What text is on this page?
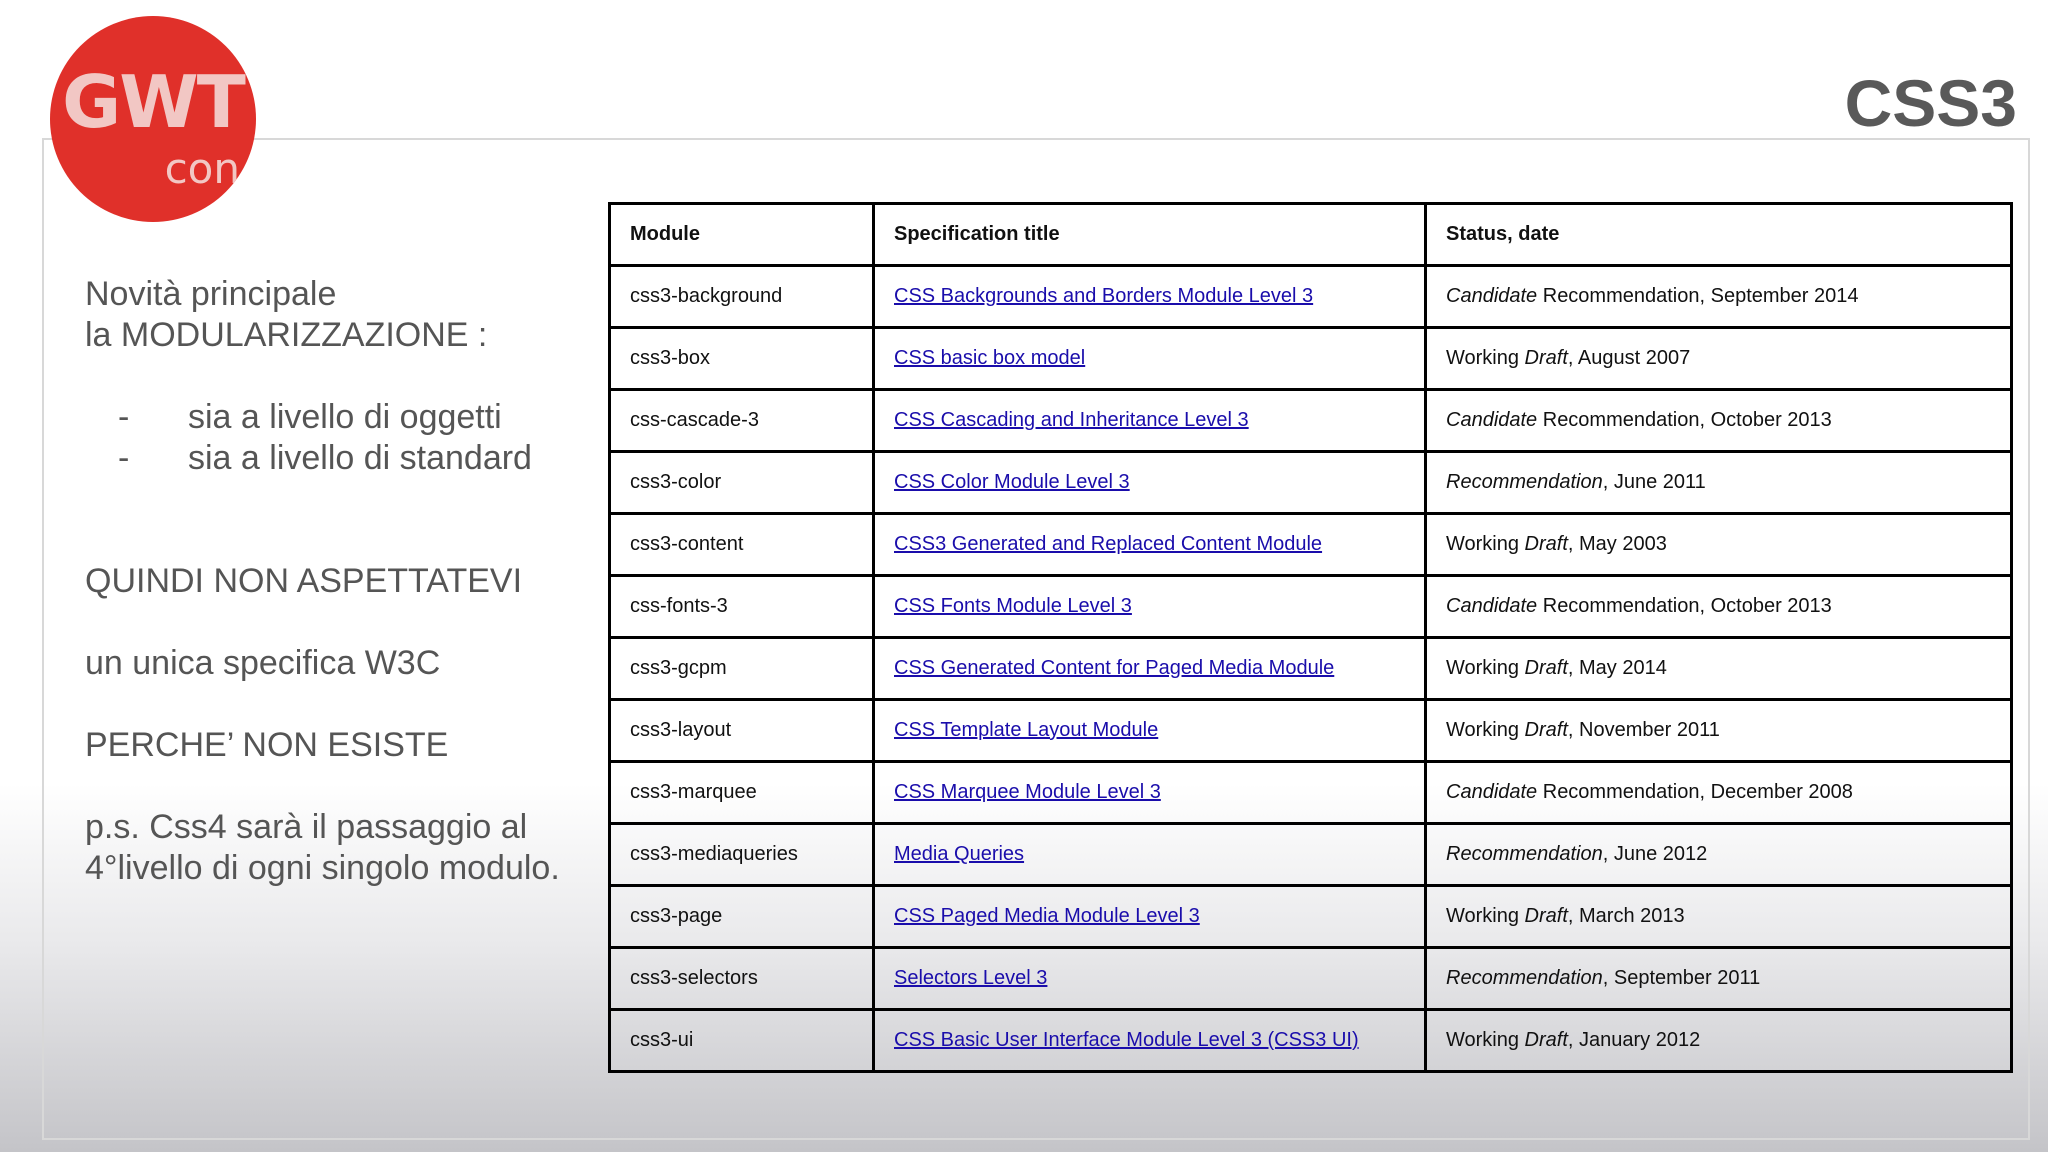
GWT
con
CSS3
Novità principale
la MODULARIZZAZIONE :
- sia a livello di oggetti
- sia a livello di standard
QUINDI NON ASPETTATEVI
un unica specifica W3C
PERCHE’ NON ESISTE
p.s. Css4 sarà il passaggio al
4°livello di ogni singolo modulo.
Module	Specification title	Status, date
css3-background	CSS Backgrounds and Borders Module Level 3	Candidate Recommendation, September 2014
css3-box	CSS basic box model	Working Draft, August 2007
css-cascade-3	CSS Cascading and Inheritance Level 3	Candidate Recommendation, October 2013
css3-color	CSS Color Module Level 3	Recommendation, June 2011
css3-content	CSS3 Generated and Replaced Content Module	Working Draft, May 2003
css-fonts-3	CSS Fonts Module Level 3	Candidate Recommendation, October 2013
css3-gcpm	CSS Generated Content for Paged Media Module	Working Draft, May 2014
css3-layout	CSS Template Layout Module	Working Draft, November 2011
css3-marquee	CSS Marquee Module Level 3	Candidate Recommendation, December 2008
css3-mediaqueries	Media Queries	Recommendation, June 2012
css3-page	CSS Paged Media Module Level 3	Working Draft, March 2013
css3-selectors	Selectors Level 3	Recommendation, September 2011
css3-ui	CSS Basic User Interface Module Level 3 (CSS3 UI)	Working Draft, January 2012
